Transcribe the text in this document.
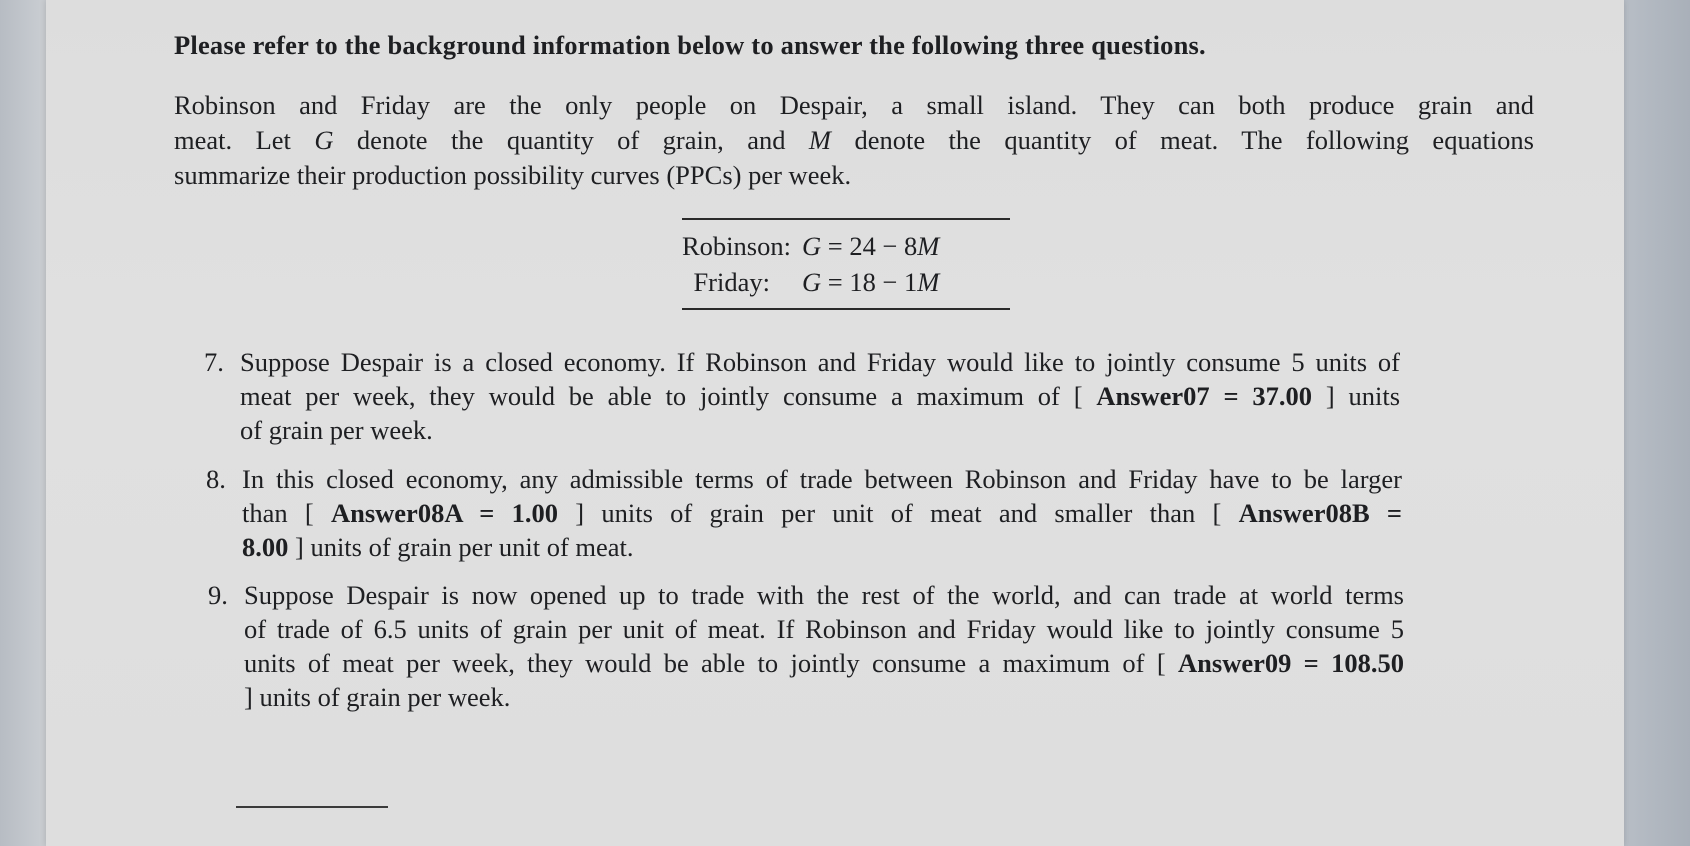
Please refer to the background information below to answer the following three questions.
Robinson and Friday are the only people on Despair, a small island. They can both produce grain and
meat. Let G denote the quantity of grain, and M denote the quantity of meat. The following equations
summarize their production possibility curves (PPCs) per week.
Robinson: G = 24 − 8M
Friday:	G = 18 − 1M
7. Suppose Despair is a closed economy. If Robinson and Friday would like to jointly consume 5 units of
meat per week, they would be able to jointly consume a maximum of [ Answer07 = 37.00 ] units
of grain per week.
8. In this closed economy, any admissible terms of trade between Robinson and Friday have to be larger
than [ Answer08A = 1.00 ] units of grain per unit of meat and smaller than [ Answer08B =
8.00 ] units of grain per unit of meat.
9. Suppose Despair is now opened up to trade with the rest of the world, and can trade at world terms
of trade of 6.5 units of grain per unit of meat. If Robinson and Friday would like to jointly consume 5
units of meat per week, they would be able to jointly consume a maximum of [ Answer09 = 108.50
] units of grain per week.
